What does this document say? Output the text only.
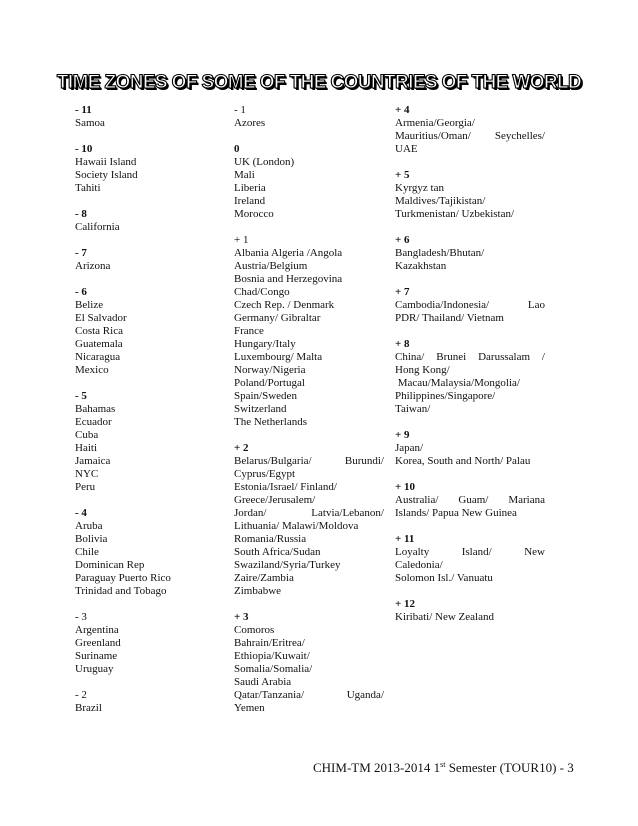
TIME ZONES OF SOME OF THE COUNTRIES OF THE WORLD
- 11
Samoa
- 10
Hawaii Island
Society Island
Tahiti
- 8
California
- 7
Arizona
- 6
Belize
El Salvador
Costa Rica
Guatemala
Nicaragua
Mexico
- 5
Bahamas
Ecuador
Cuba
Haiti
Jamaica
NYC
Peru
- 4
Aruba
Bolivia
Chile
Dominican Rep
Paraguay Puerto Rico
Trinidad and Tobago
- 3
Argentina
Greenland
Suriname
Uruguay
- 2
Brazil
- 1
Azores
0
UK (London)
Mali
Liberia
Ireland
Morocco
+ 1
Albania Algeria /Angola
Austria/Belgium
Bosnia and Herzegovina
Chad/Congo
Czech Rep. / Denmark
Germany/ Gibraltar
France
Hungary/Italy
Luxembourg/ Malta
Norway/Nigeria
Poland/Portugal
Spain/Sweden
Switzerland
The Netherlands
+ 2
Belarus/Bulgaria/	Burundi/
Cyprus/Egypt
Estonia/Israel/ Finland/
Greece/Jerusalem/
Jordan/	Latvia/Lebanon/
Lithuania/ Malawi/Moldova
Romania/Russia
South Africa/Sudan
Swaziland/Syria/Turkey
Zaire/Zambia
Zimbabwe
+ 3
Comoros
Bahrain/Eritrea/
Ethiopia/Kuwait/
Somalia/Somalia/
Saudi Arabia
Qatar/Tanzania/	Uganda/
Yemen
+ 4
Armenia/Georgia/
Mauritius/Oman/ Seychelles/
UAE
+ 5
Kyrgyz tan
Maldives/Tajikistan/
Turkmenistan/ Uzbekistan/
+ 6
Bangladesh/Bhutan/
Kazakhstan
+ 7
Cambodia/Indonesia/	Lao
PDR/ Thailand/ Vietnam
+ 8
China/ Brunei Darussalam /
Hong Kong/
Macau/Malaysia/Mongolia/
Philippines/Singapore/
Taiwan/
+ 9
Japan/
Korea, South and North/ Palau
+ 10
Australia/ Guam/ Mariana
Islands/ Papua New Guinea
+ 11
Loyalty	Island/	New
Caledonia/
Solomon Isl./ Vanuatu
+ 12
Kiribati/ New Zealand
CHIM-TM 2013-2014 1st Semester (TOUR10) - 3
